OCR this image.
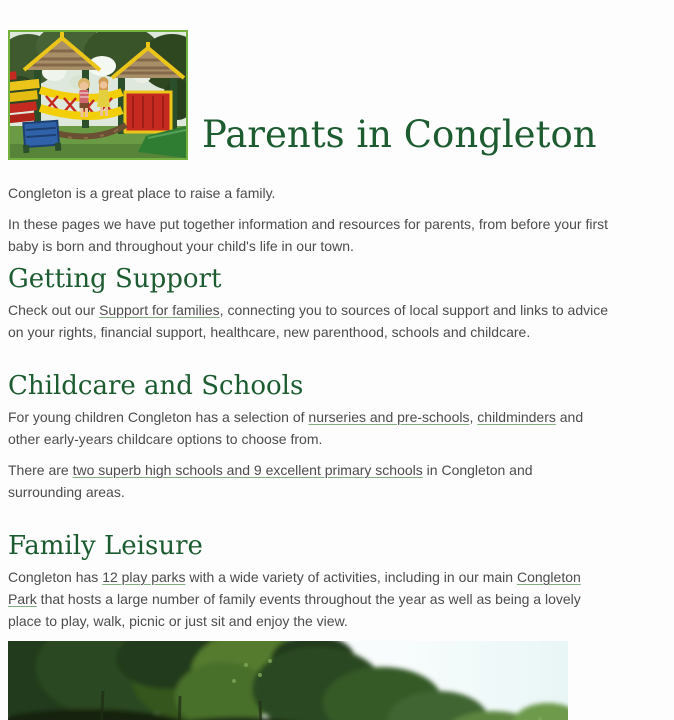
Parents in Congleton

Congleton is a great place to raise a family.

In these pages we have put together information and resources for parents, from before your first baby is born and throughout your child's life in our town.

Getting Support

Check out our Support for families, connecting you to sources of local support and links to advice on your rights, financial support, healthcare, new parenthood, schools and childcare.

Childcare and Schools

For young children Congleton has a selection of nurseries and pre-schools, childminders and other early-years childcare options to choose from.

There are two superb high schools and 9 excellent primary schools in Congleton and surrounding areas.

Family Leisure

Congleton has 12 play parks with a wide variety of activities, including in our main Congleton Park that hosts a large number of family events throughout the year as well as being a lovely place to play, walk, picnic or just sit and enjoy the view.
